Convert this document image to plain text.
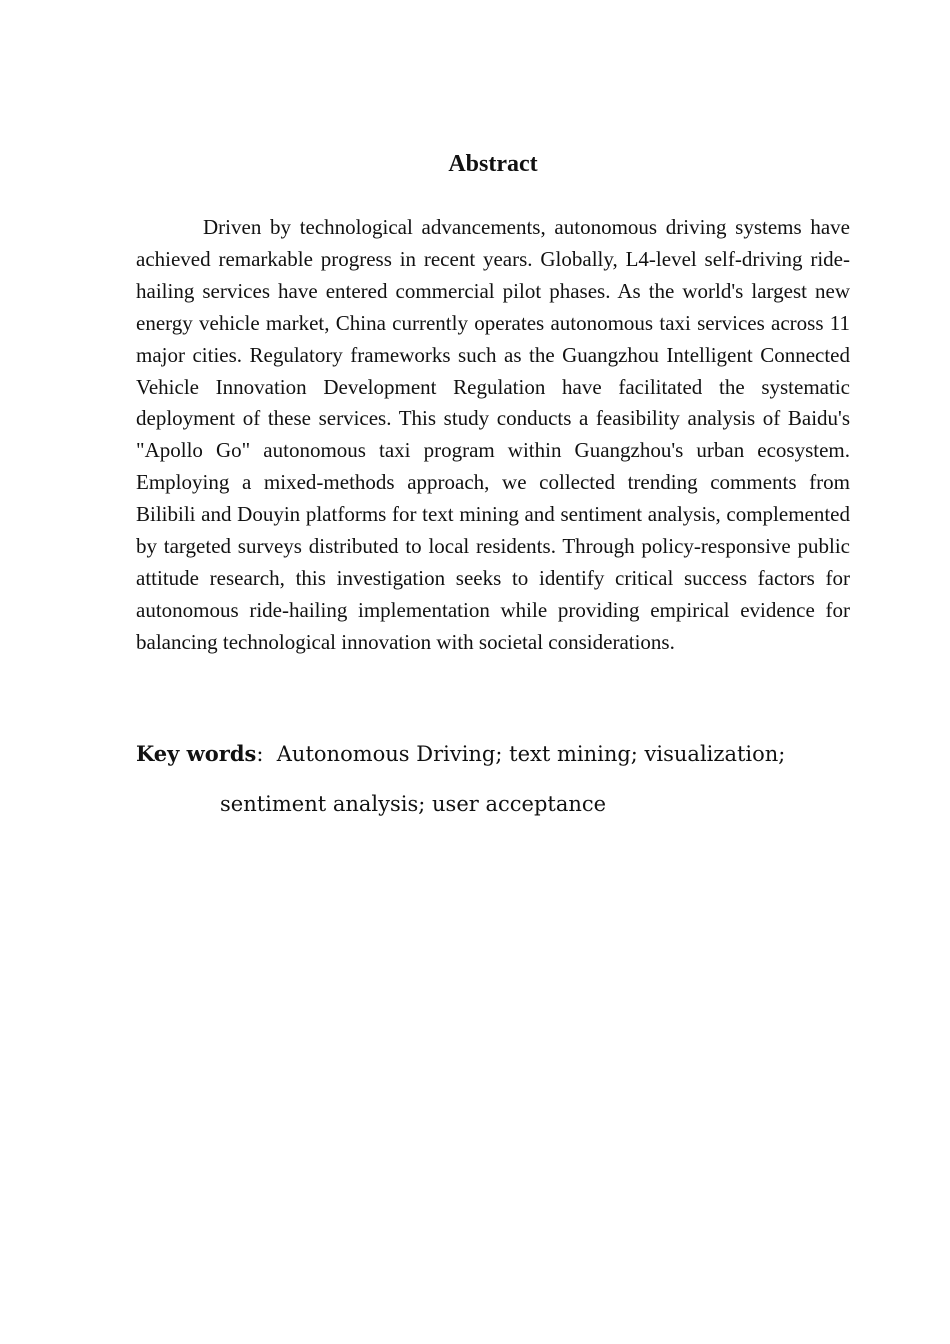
Abstract

Driven by technological advancements, autonomous driving systems have achieved remarkable progress in recent years. Globally, L4-level self-driving ride-hailing services have entered commercial pilot phases. As the world's largest new energy vehicle market, China currently operates autonomous taxi services across 11 major cities. Regulatory frameworks such as the Guangzhou Intelligent Connected Vehicle Innovation Development Regulation have facilitated the systematic deployment of these services. This study conducts a feasibility analysis of Baidu's "Apollo Go" autonomous taxi program within Guangzhou's urban ecosystem. Employing a mixed-methods approach, we collected trending comments from Bilibili and Douyin platforms for text mining and sentiment analysis, complemented by targeted surveys distributed to local residents. Through policy-responsive public attitude research, this investigation seeks to identify critical success factors for autonomous ride-hailing implementation while providing empirical evidence for balancing technological innovation with societal considerations.

Key words: Autonomous Driving; text mining; visualization;
sentiment analysis; user acceptance
